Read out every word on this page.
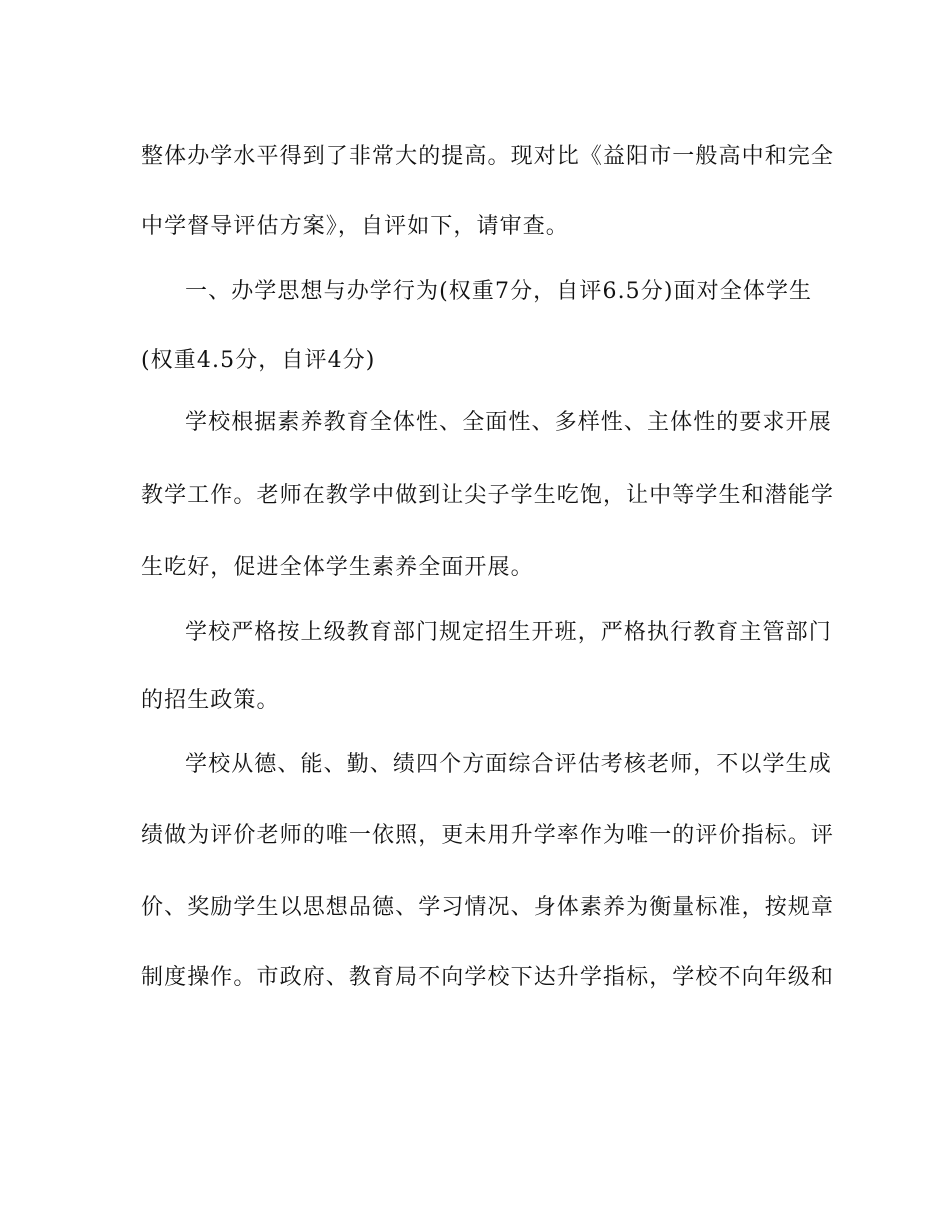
整体办学水平得到了非常大的提高。现对比《益阳市一般高中和完全
中学督导评估方案》，自评如下，请审查。
一、办学思想与办学行为(权重7分，自评6.5分)面对全体学生
(权重4.5分，自评4分)
学校根据素养教育全体性、全面性、多样性、主体性的要求开展
教学工作。老师在教学中做到让尖子学生吃饱，让中等学生和潜能学
生吃好，促进全体学生素养全面开展。
学校严格按上级教育部门规定招生开班，严格执行教育主管部门
的招生政策。
学校从德、能、勤、绩四个方面综合评估考核老师，不以学生成
绩做为评价老师的唯一依照，更未用升学率作为唯一的评价指标。评
价、奖励学生以思想品德、学习情况、身体素养为衡量标准，按规章
制度操作。市政府、教育局不向学校下达升学指标，学校不向年级和
